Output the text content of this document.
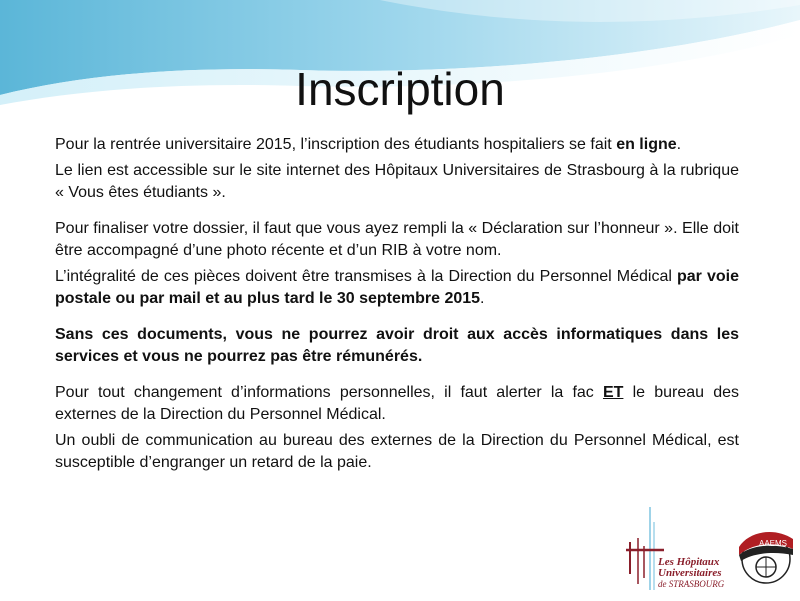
Inscription

Pour la rentrée universitaire 2015, l’inscription des étudiants hospitaliers se fait en ligne.

Le lien est accessible sur le site internet des Hôpitaux Universitaires de Strasbourg à la rubrique « Vous êtes étudiants ».

Pour finaliser votre dossier, il faut que vous ayez rempli la « Déclaration sur l’honneur ». Elle doit être accompagné d’une photo récente et d’un RIB à votre nom.

L’intégralité de ces pièces doivent être transmises à la Direction du Personnel Médical par voie postale ou par mail et au plus tard le 30 septembre 2015.

Sans ces documents, vous ne pourrez avoir droit aux accès informatiques dans les services et vous ne pourrez pas être rémunérés.

Pour tout changement d’informations personnelles, il faut alerter la fac ET le bureau des externes de la Direction du Personnel Médical.

Un oubli de communication au bureau des externes de la Direction du Personnel Médical, est susceptible d’engranger un retard de la paie.

Les Hôpitaux
Universitaires
de STRASBOURG
AAEMS
